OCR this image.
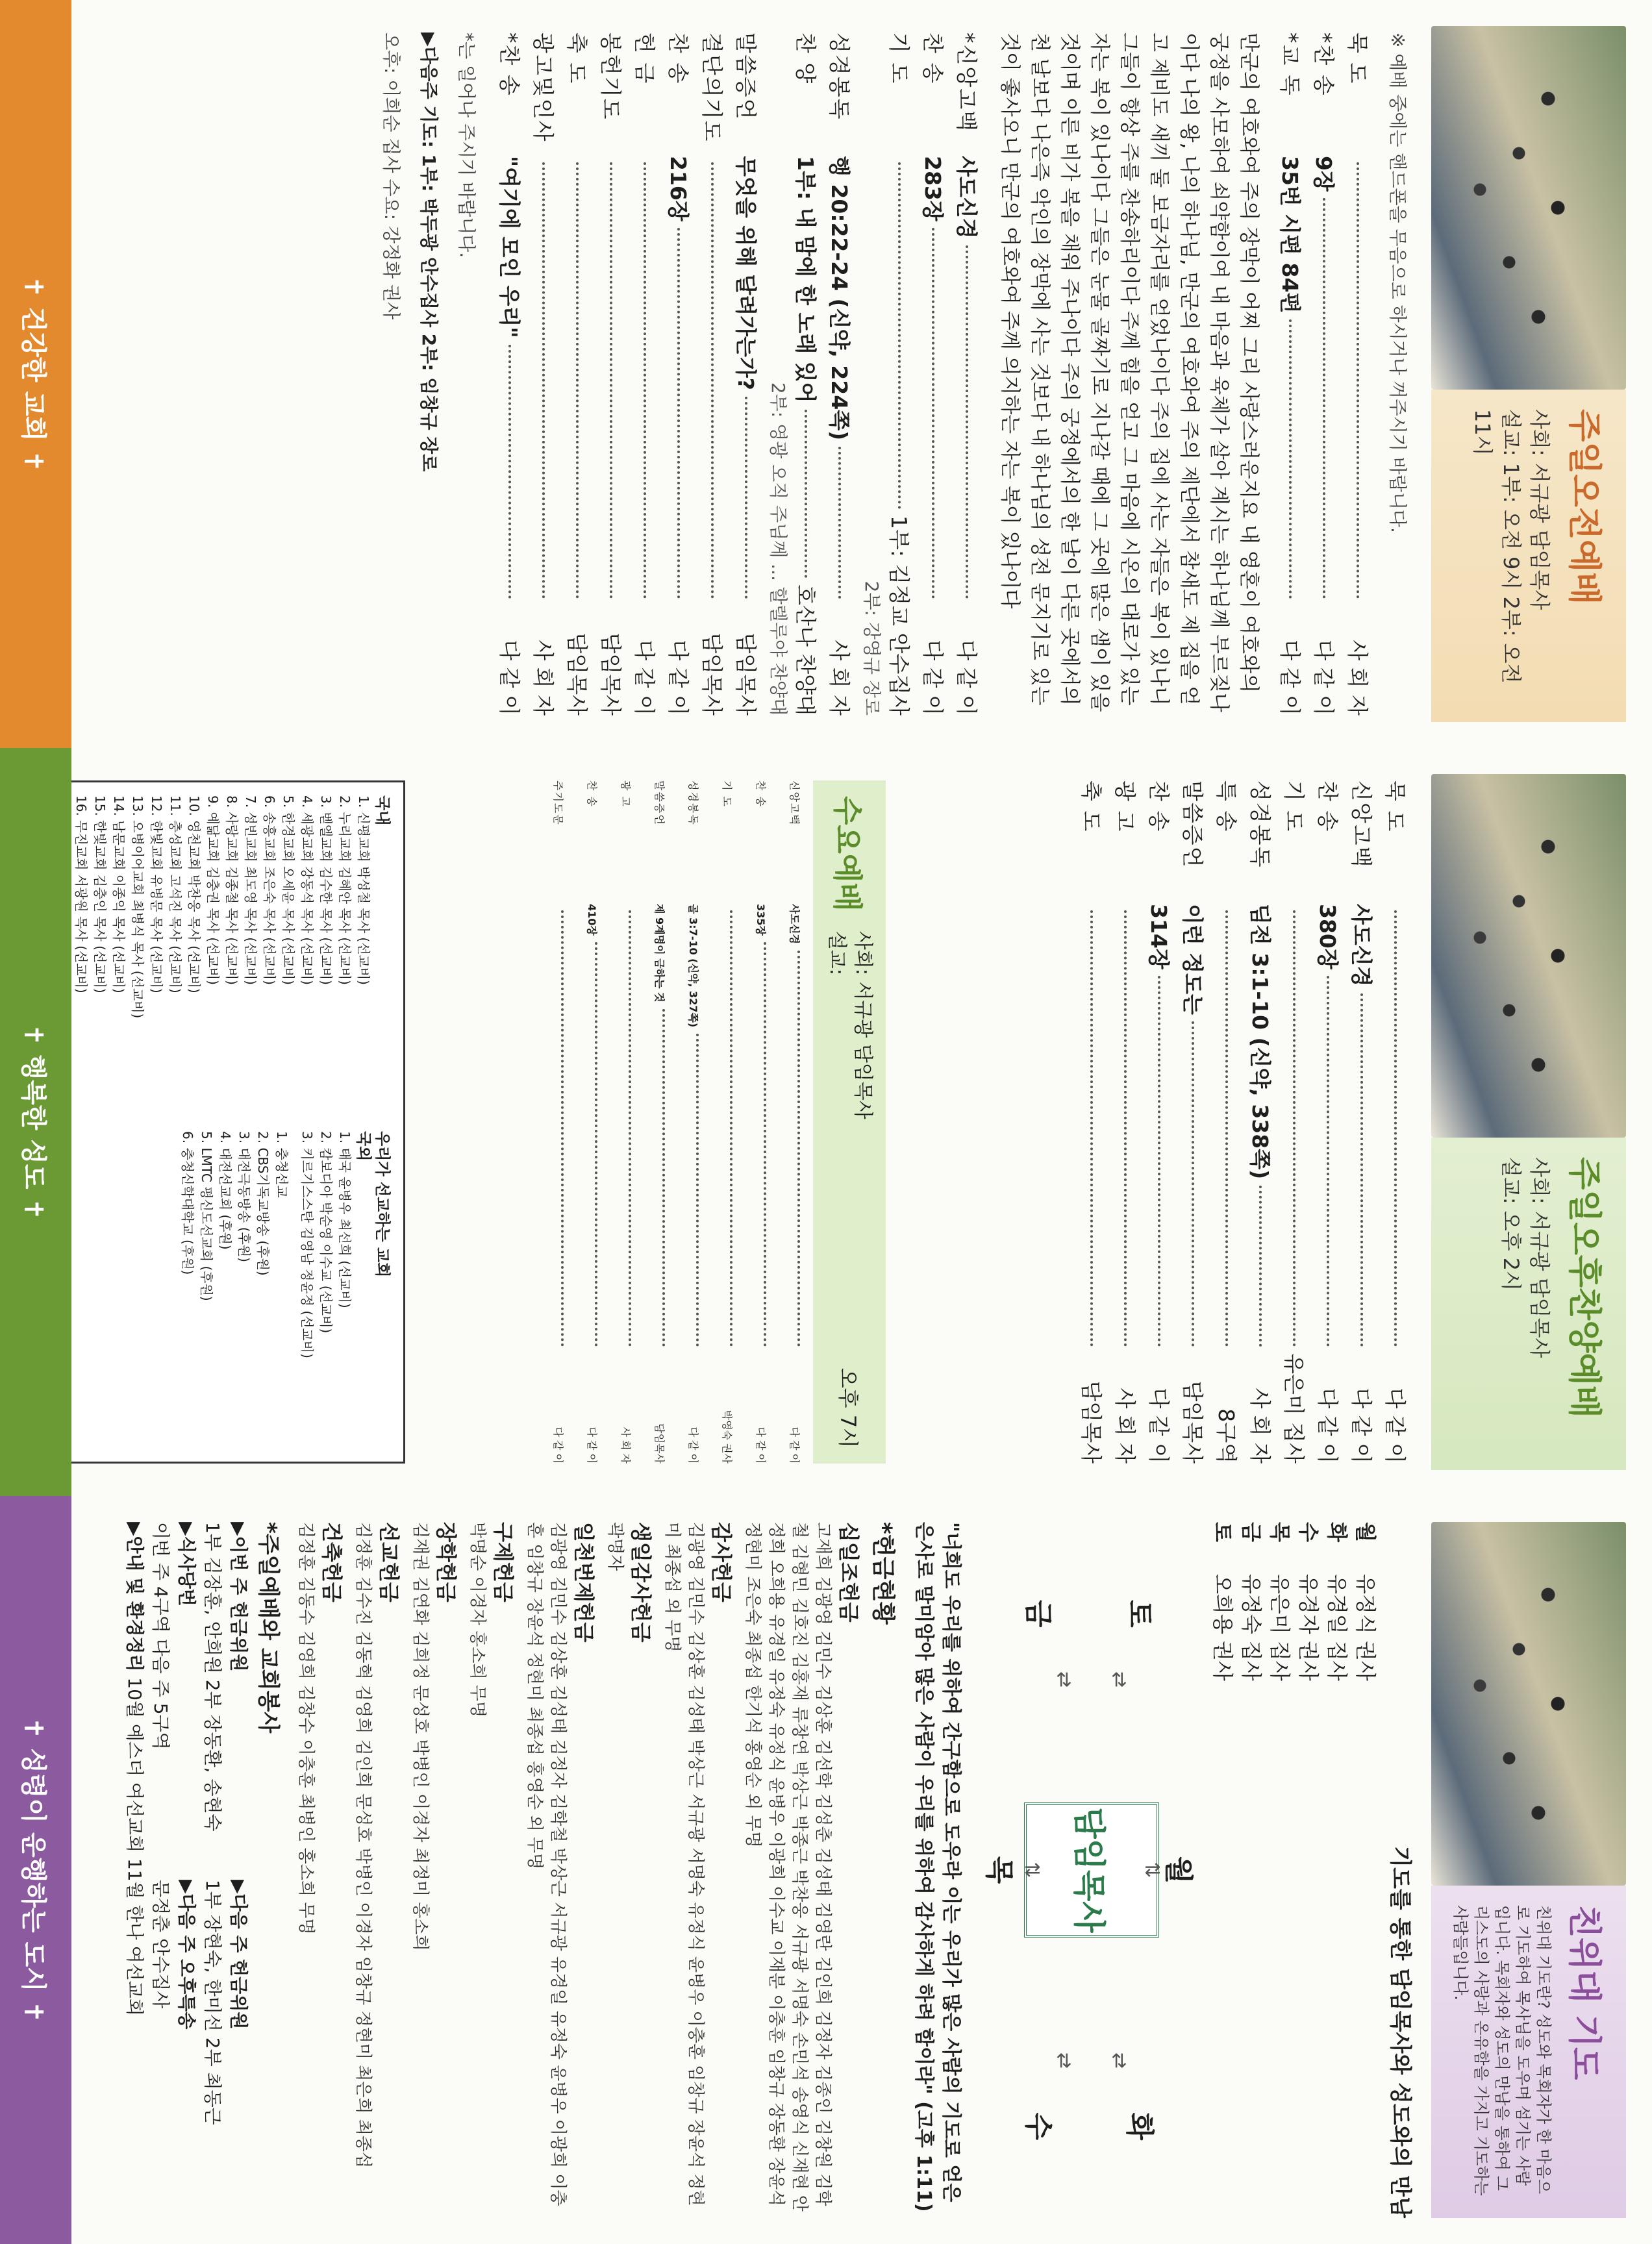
주일오전예배
사회: 서규광 담임목사
설교: 1부: 오전 9시 2부: 오전 11시
※ 예배 중에는 핸드폰을 무음으로 하시거나 꺼주시기 바랍니다.
묵 도
사 회 자
*찬 송
9장
다 같 이
*교 독
35번 시편 84편
다 같 이
만군의 여호와여 주의 장막이 어찌 그리 사랑스러운지요 내 영혼이 여호와의 궁정을 사모하여 쇠약함이여 내 마음과 육체가 살아 계시는 하나님께 부르짖나이다 나의 왕, 나의 하나님, 만군의 여호와여 주의 제단에서 참새도 제 집을 얻고 제비도 새끼 둘 보금자리를 얻었나이다 주의 집에 사는 자들은 복이 있나니 그들이 항상 주를 찬송하리이다 주께 힘을 얻고 그 마음에 시온의 대로가 있는 자는 복이 있나이다 그들은 눈물 골짜기로 지나갈 때에 그 곳에 많은 샘이 있을 것이며 이른 비가 복을 채워 주나이다 주의 궁정에서의 한 날이 다른 곳에서의 천 날보다 나은즉 악인의 장막에 사는 것보다 내 하나님의 성전 문지기로 있는 것이 좋사오니 만군의 여호와여 주께 의지하는 자는 복이 있나이다
*신앙고백
사도신경
다 같 이
찬 송
283장
다 같 이
기 도
1부: 김정교 안수집사
2부: 강영규 장로
성경봉독
행 20:22-24 (신약, 224쪽)
사 회 자
찬 양
1부: 내 맘에 한 노래 있어
호산나 찬양대
2부: 영광 오직 주님께 ... 할렐루야 찬양대
말씀증언
무엇을 위해 달려가는가?
담임목사
결단의기도
담임목사
찬 송
216장
다 같 이
헌 금
다 같 이
봉헌기도
담임목사
축 도
담임목사
광고및인사
사 회 자
*찬 송
"여기에 모인 우리"
다 같 이
*는 일어나 주시기 바랍니다.
▶다음주 기도: 1부: 박두광 안수집사 2부: 임창규 장로
오후: 이희순 집사 수요: 강정화 권사
✝ 건강한 교회 ✝
주일오후찬양예배
사회: 서규광 담임목사
설교: 오후 2시
묵 도
다 같 이
신앙고백
사도신경
다 같 이
찬 송
380장
다 같 이
기 도
유은미 집사
성경봉독
딤전 3:1-10 (신약, 338쪽)
사 회 자
특 송
8구역
말씀증언
이런 정도는
담임목사
찬 송
314장
다 같 이
광 고
사 회 자
축 도
담임목사
수요예배
사회: 서규광 담임목사
설교:
오후 7시
신앙고백
사도신경
다 같 이
찬 송
335장
다 같 이
기 도
박영숙 권사
성경봉독
골 3:7-10 (신약, 327쪽)
다 같 이
말씀증언
제 9계명이 금하는 것
담임목사
광 고
사 회 자
찬 송
410장
다 같 이
주기도문
다 같 이
국내
1. 신평교회 박성철 목사 (선교비)
2. 누리교회 김혜안 목사 (선교비)
3. 벧엘교회 김수한 목사 (선교비)
4. 세광교회 강동석 목사 (선교비)
5. 한경교회 오세윤 목사 (선교비)
6. 송흥교회 조은숙 목사 (선교비)
7. 성빈교회 최도영 목사 (선교비)
8. 사랑교회 김종철 목사 (선교비)
9. 예닮교회 김충권 목사 (선교비)
10. 영천교회 박찬웅 목사 (선교비)
11. 충성교회 고석진 목사 (선교비)
12. 한빛교회 유병문 목사 (선교비)
13. 오병이어교회 최병식 목사 (선교비)
14. 남문교회 이종익 목사 (선교비)
15. 한빛교회 김충인 목사 (선교비)
16. 무진교회 서광원 목사 (선교비)
우리가 선교하는 교회
국외
1. 태국 윤병우 최선희 (선교비)
2. 캄보디아 박순영 이수교 (선교비)
3. 키르기스스탄 김영남 정윤정 (선교비)
1. 충청선교
2. CBS기독교방송 (후원)
3. 대전극동방송 (후원)
4. 대전선교회 (후원)
5. LMTC 평신도선교회 (후원)
6. 충청신학대학교 (후원)
✝ 행복한 성도 ✝
친위대 기도
친위대 기도란? 성도와 목회자가 한 마음으로 기도하여 목사님을 도우며 섬기는 사람입니다. 목회자와 성도의 만남을 통하여 그리스도의 사랑과 온유함을 가지고 기도하는 사람들입니다.
기도를 통한 담임목사와 성도와의 만남
월
유정식 권사
화
유경일 집사
수
유경자 권사
목
유은미 집사
금
유정숙 집사
토
오희용 권사
담임목사 월
화
수
목
금 토
⇅
⇅
⇄
⇄
⇄
⇄
"너희도 우리를 위하여 간구함으로 도우라 이는 우리가 많은 사람의 기도로 얻은 은사로 말미암아 많은 사람이 우리를 위하여 감사하게 하려 함이라" (고후 1:11)
*헌금현황
십일조헌금
고재희 김광영 김민수 김상훈 김선학 김성춘 김성태 김영란 김인희 김정자 김종인 김창원 김학철 김형민 김호진 김홍재 류창연 박상근 박종근 박찬웅 서규광 서명숙 손민석 송영식 신재현 안정희 오희용 유경일 유정숙 유정식 윤병우 이광희 이수교 이재분 이충훈 임창규 장동환 장윤석 정현미 조은숙 최종섭 한기석 홍영순 외 무명
감사헌금
김광영 김민수 김상훈 김성태 박상근 서규광 서명숙 유정식 윤병우 이충훈 임창규 장윤석 정현미 최종섭 외 무명
생일감사헌금
곽명자
일천번제헌금
김광영 김민수 김상훈 김성태 김정자 김학철 박상근 서규광 유경일 유정숙 윤병우 이광희 이충훈 임창규 장윤석 정현미 최종섭 홍영순 외 무명
구제헌금
박명순 이경자 홍소희 무명
장학헌금
김재권 김연화 김희정 문성호 박병인 이경자 최정미 홍소희
선교헌금
김정훈 김수진 김동혁 김영희 김인희 문성호 박병인 이경자 임창규 정현미 최은희 최종섭
건축헌금
김정훈 김동수 김영희 김창수 이충훈 최병인 홍소희 무명
*주일예배와 교회봉사
▶이번 주 헌금위원
1부 김장훈, 안희원 2부 장동환, 송현숙
▶다음 주 헌금위원
1부 장현숙, 한미선 2부 최동근
▶식사당번
이번 주 4구역 다음 주 5구역
▶다음 주 오후특송
문정춘 안수집사
▶안내 및 환경정리 10월 예스더 여선교회 11월 한나 여선교회
✝ 성령이 운행하는 도시 ✝
